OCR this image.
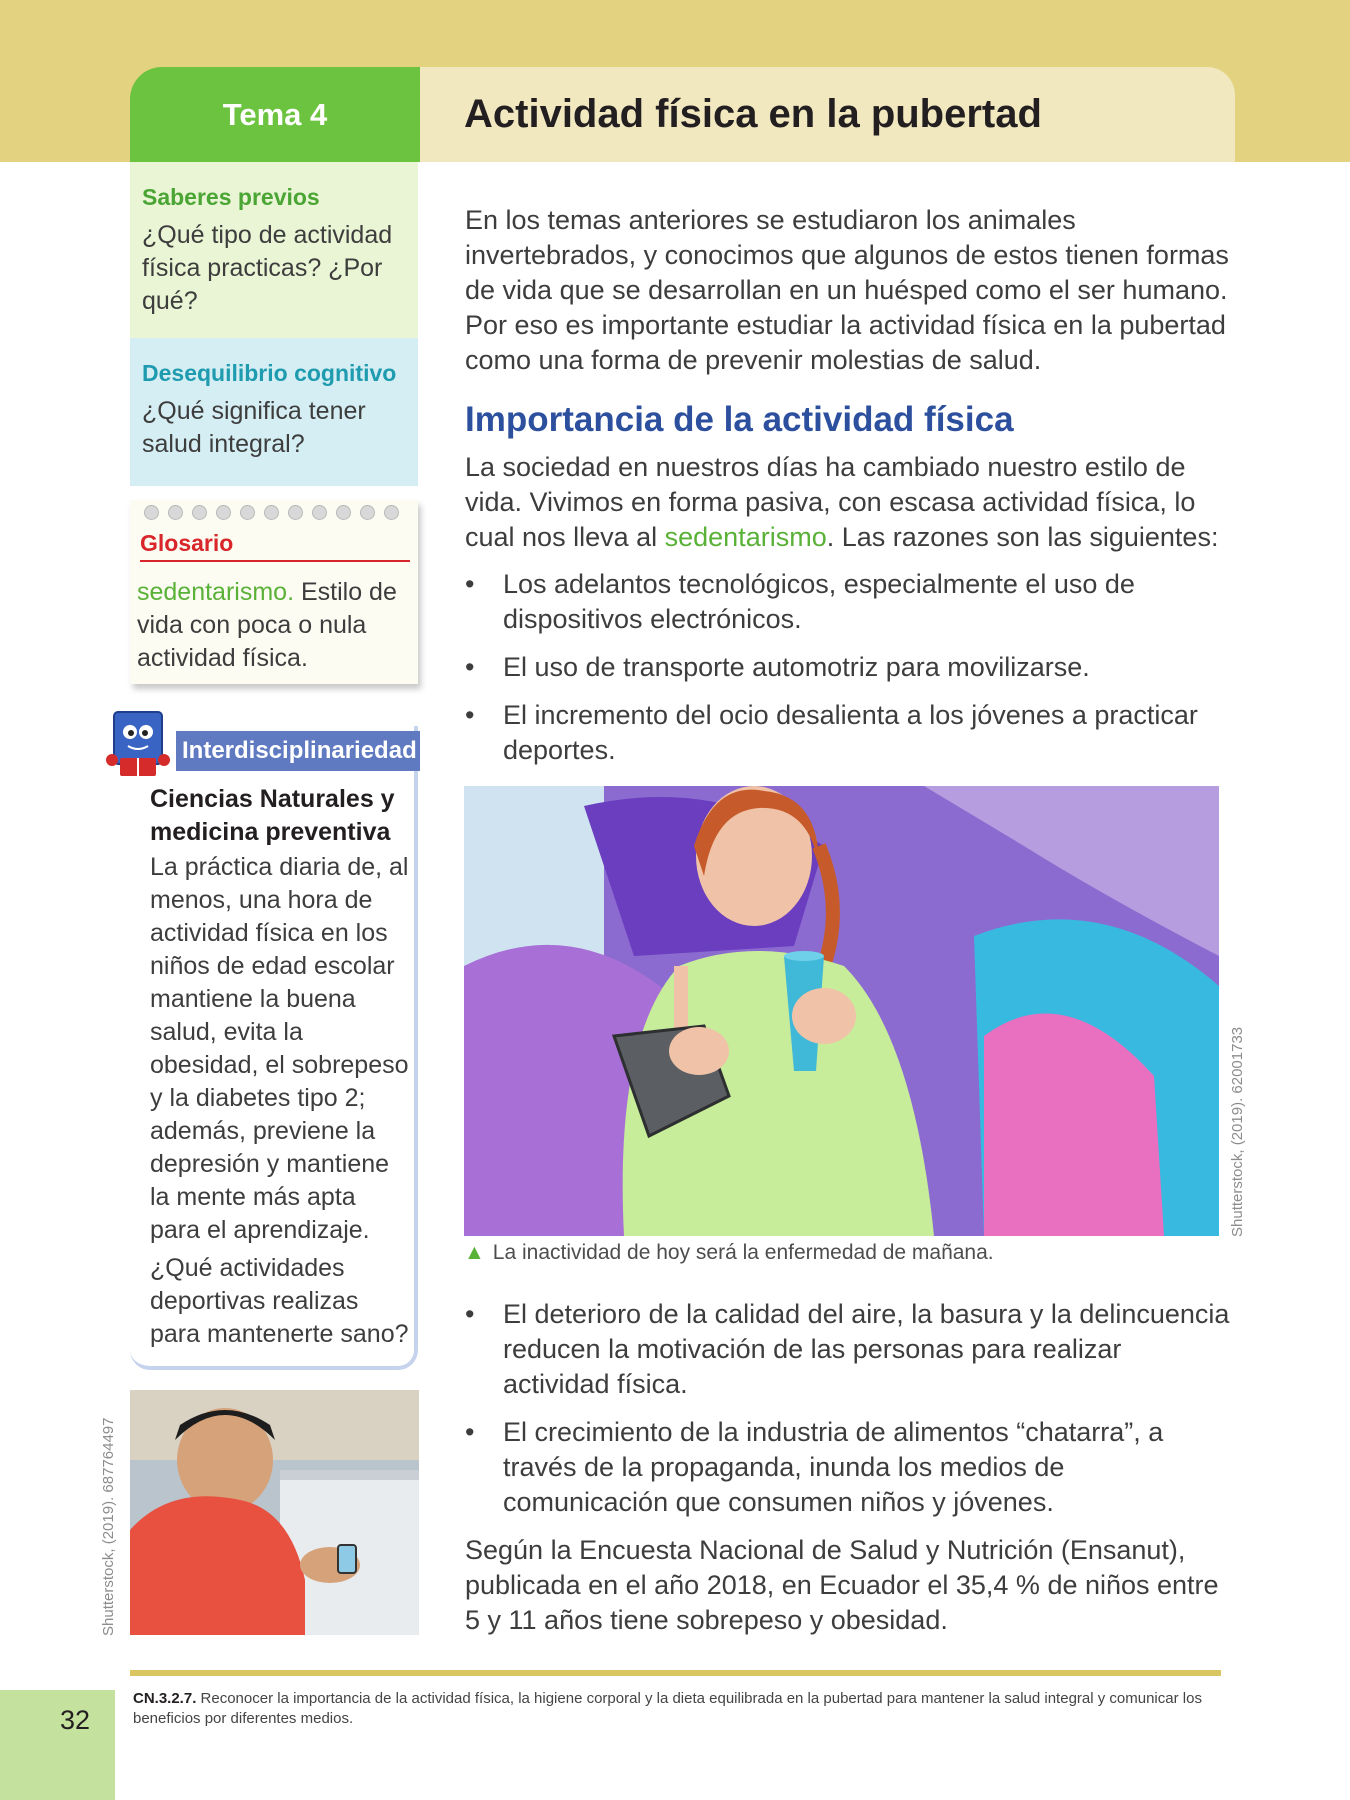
Tema 4	Actividad física en la pubertad
Saberes previos
¿Qué tipo de actividad física practicas? ¿Por qué?
Desequilibrio cognitivo
¿Qué significa tener salud integral?
Glosario
sedentarismo. Estilo de vida con poca o nula actividad física.
Interdisciplinariedad
Ciencias Naturales y medicina preventiva
La práctica diaria de, al menos, una hora de actividad física en los niños de edad escolar mantiene la buena salud, evita la obesidad, el sobrepeso y la diabetes tipo 2; además, previene la depresión y mantiene la mente más apta para el aprendizaje.
¿Qué actividades deportivas realizas para mantenerte sano?
Shutterstock, (2019). 687764497

En los temas anteriores se estudiaron los animales invertebrados, y conocimos que algunos de estos tienen formas de vida que se desarrollan en un huésped como el ser humano. Por eso es importante estudiar la actividad física en la pubertad como una forma de prevenir molestias de salud.

Importancia de la actividad física

La sociedad en nuestros días ha cambiado nuestro estilo de vida. Vivimos en forma pasiva, con escasa actividad física, lo cual nos lleva al sedentarismo. Las razones son las siguientes:

• Los adelantos tecnológicos, especialmente el uso de dispositivos electrónicos.
• El uso de transporte automotriz para movilizarse.
• El incremento del ocio desalienta a los jóvenes a practicar deportes.
Shutterstock, (2019). 62001733
▲ La inactividad de hoy será la enfermedad de mañana.
• El deterioro de la calidad del aire, la basura y la delincuencia reducen la motivación de las personas para realizar actividad física.
• El crecimiento de la industria de alimentos “chatarra”, a través de la propaganda, inunda los medios de comunicación que consumen niños y jóvenes.

Según la Encuesta Nacional de Salud y Nutrición (Ensanut), publicada en el año 2018, en Ecuador el 35,4 % de niños entre 5 y 11 años tiene sobrepeso y obesidad.

32
CN.3.2.7. Reconocer la importancia de la actividad física, la higiene corporal y la dieta equilibrada en la pubertad para mantener la salud integral y comunicar los beneficios por diferentes medios.
